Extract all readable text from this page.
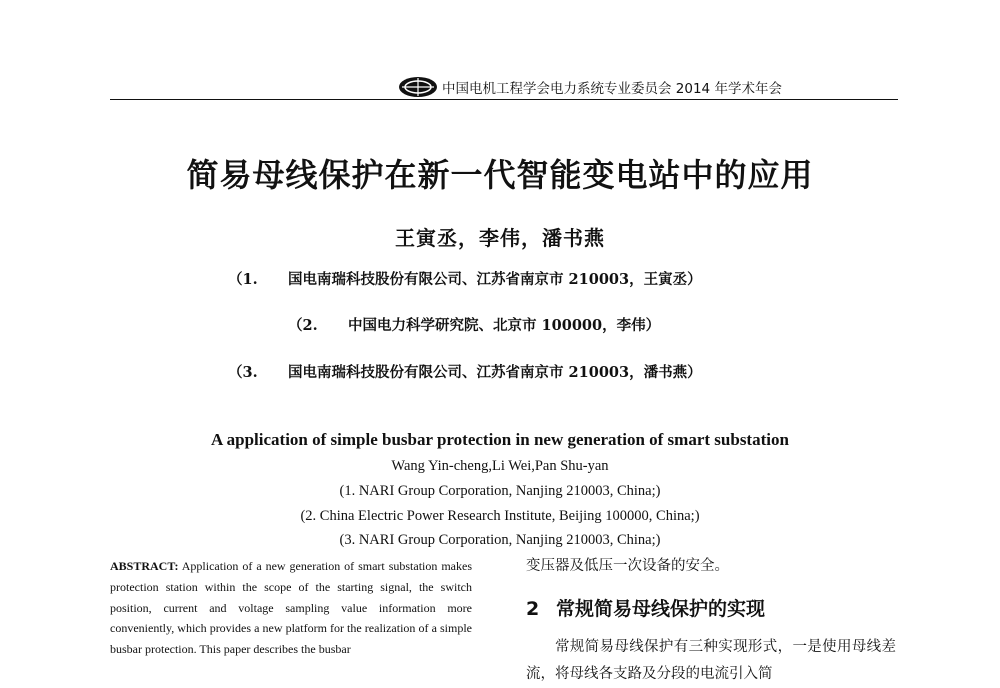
中国电机工程学会电力系统专业委员会 2014 年学术年会
简易母线保护在新一代智能变电站中的应用
王寅丞，李伟，潘书燕
（1. 国电南瑞科技股份有限公司、江苏省南京市 210003，王寅丞）
（2. 中国电力科学研究院、北京市 100000，李伟）
（3. 国电南瑞科技股份有限公司、江苏省南京市 210003，潘书燕）
A application of simple busbar protection in new generation of smart substation
Wang Yin-cheng,Li Wei,Pan Shu-yan
(1. NARI Group Corporation, Nanjing 210003, China;)
(2. China Electric Power Research Institute, Beijing 100000, China;)
(3. NARI Group Corporation, Nanjing 210003, China;)
ABSTRACT: Application of a new generation of smart substation makes protection station within the scope of the starting signal, the switch position, current and voltage sampling value information more conveniently, which provides a new platform for the realization of a simple busbar protection. This paper describes the busbar
变压器及低压一次设备的安全。
2 常规简易母线保护的实现
常规简易母线保护有三种实现形式，一是使用母线差流，将母线各支路及分段的电流引入简
